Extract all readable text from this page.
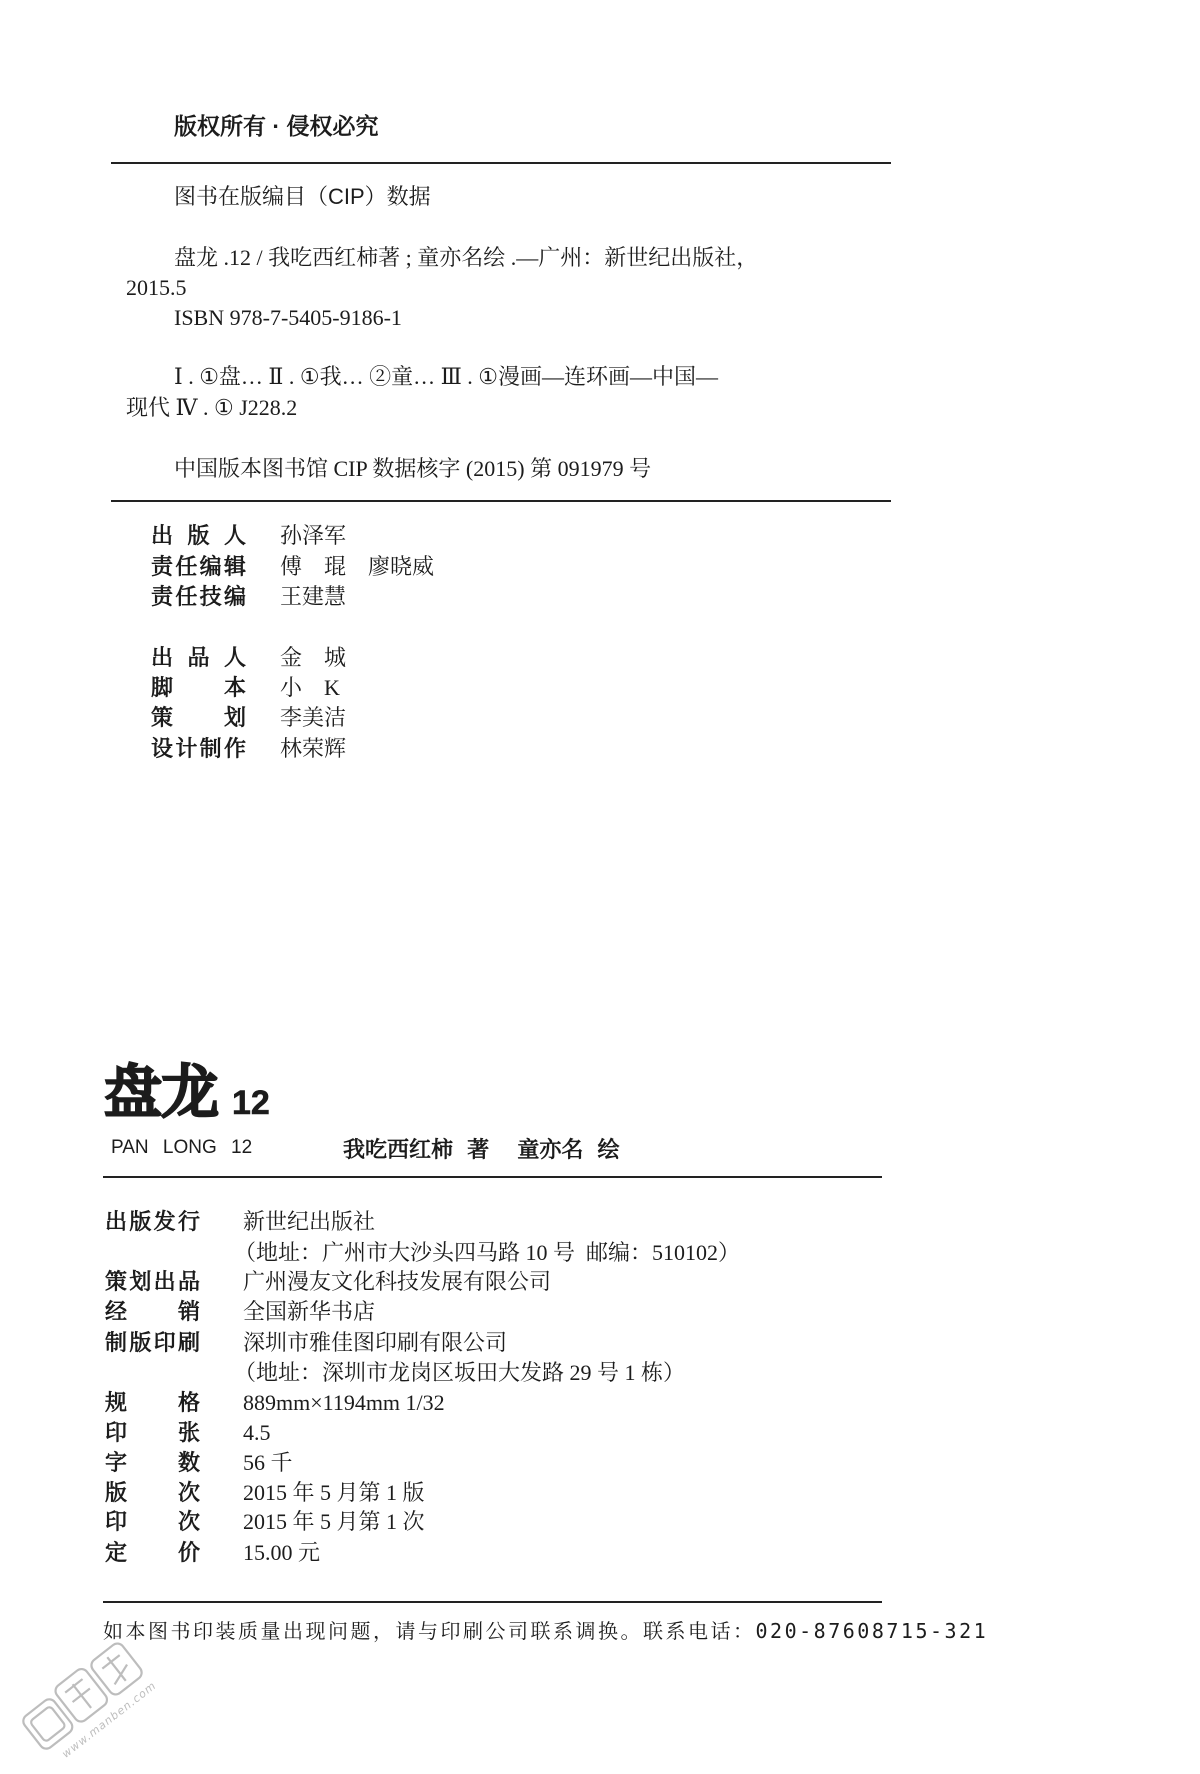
版权所有 · 侵权必究
图书在版编目（CIP）数据
盘龙 .12 / 我吃西红柿著 ; 童亦名绘 .—广州：新世纪出版社，
2015.5
ISBN 978-7-5405-9186-1
Ⅰ . ①盘… Ⅱ . ①我… ②童… Ⅲ . ①漫画—连环画—中国—
现代 Ⅳ . ① J228.2
中国版本图书馆 CIP 数据核字 (2015) 第 091979 号
出 版 人 孙泽军
责任编辑 傅　琨　廖晓威
责任技编 王建慧
出 品 人 金　城
脚 本 小　K
策 划 李美洁
设计制作 林荣辉
盘龙 12
PAN LONG 12	我吃西红柿 著  童亦名 绘
出版发行 新世纪出版社
（地址：广州市大沙头四马路 10 号  邮编：510102）
策划出品 广州漫友文化科技发展有限公司
经 销 全国新华书店
制版印刷 深圳市雅佳图印刷有限公司
（地址：深圳市龙岗区坂田大发路 29 号 1 栋）
规 格 889mm×1194mm 1/32
印 张 4.5
字 数 56 千
版 次 2015 年 5 月第 1 版
印 次 2015 年 5 月第 1 次
定 价 15.00 元
如本图书印装质量出现问题，请与印刷公司联系调换。联系电话：020-87608715-321
www.manben.com
